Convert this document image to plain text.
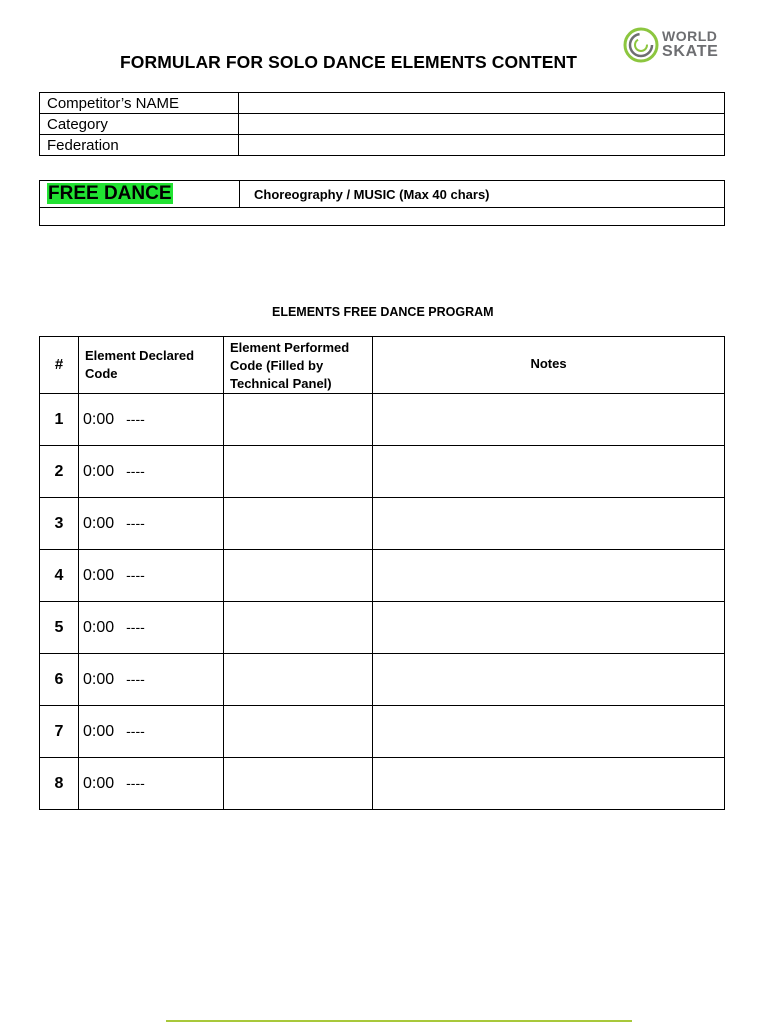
FORMULAR FOR SOLO DANCE ELEMENTS CONTENT
WORLD
SKATE
Competitor’s NAME	
Category	
Federation	
FREE DANCE	Choreography / MUSIC (Max 40 chars)

ELEMENTS FREE DANCE PROGRAM
#	Element Declared Code	Element Performed Code (Filled by Technical Panel)	Notes
1	0:00 ----		
2	0:00 ----		
3	0:00 ----		
4	0:00 ----		
5	0:00 ----		
6	0:00 ----		
7	0:00 ----		
8	0:00 ----		
